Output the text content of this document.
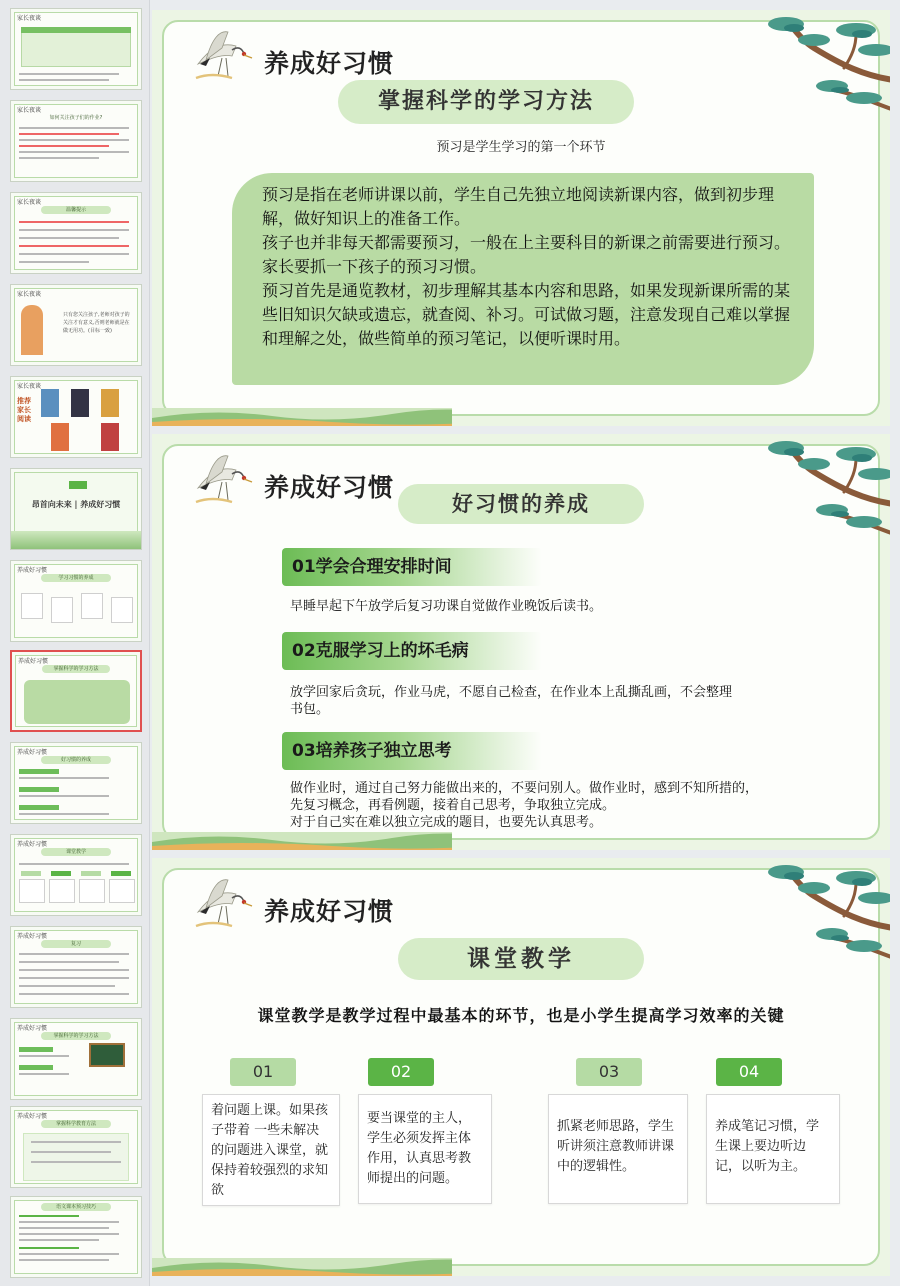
家长夜谈
家长夜谈
如何关注孩子们的作业?
家长夜谈
温馨提示
家长夜谈
只有您关注孩子,老师对孩子的关注才有意义,否则老师就是在做无用功。(目标一致)
家长夜谈
推荐家长阅读
昂首向未来 | 养成好习惯
养成好习惯
学习习惯的养成
养成好习惯
掌握科学的学习方法
养成好习惯
好习惯的养成
养成好习惯
课堂教学
养成好习惯
复习
养成好习惯
掌握科学的学习方法
养成好习惯
掌握科学教育方法
语文课本预习技巧
养成好习惯
掌握科学的学习方法
预习是学生学习的第一个环节

预习是指在老师讲课以前，学生自己先独立地阅读新课内容，做到初步理解，做好知识上的准备工作。

孩子也并非每天都需要预习，一般在上主要科目的新课之前需要进行预习。家长要抓一下孩子的预习习惯。

预习首先是通览教材，初步理解其基本内容和思路，如果发现新课所需的某些旧知识欠缺或遗忘，就查阅、补习。可试做习题，注意发现自己难以掌握和理解之处，做些简单的预习笔记，以便听课时用。

养成好习惯
好习惯的养成
01学会合理安排时间
早睡早起下午放学后复习功课自觉做作业晚饭后读书。
02克服学习上的坏毛病
放学回家后贪玩，作业马虎，不愿自己检查，在作业本上乱撕乱画，不会整理书包。
03培养孩子独立思考
做作业时，通过自己努力能做出来的，不要问别人。做作业时，感到不知所措的，先复习概念，再看例题，接着自己思考，争取独立完成。
对于自己实在难以独立完成的题目，也要先认真思考。
养成好习惯
课堂教学
课堂教学是教学过程中最基本的环节，也是小学生提高学习效率的关键
01
着问题上课。如果孩子带着 一些未解决的问题进入课堂，就保持着较强烈的求知欲
02
要当课堂的主人，学生必须发挥主体作用，认真思考教师提出的问题。
03
抓紧老师思路，学生听讲须注意教师讲课中的逻辑性。
04
养成笔记习惯，学生课上要边听边记，以听为主。
